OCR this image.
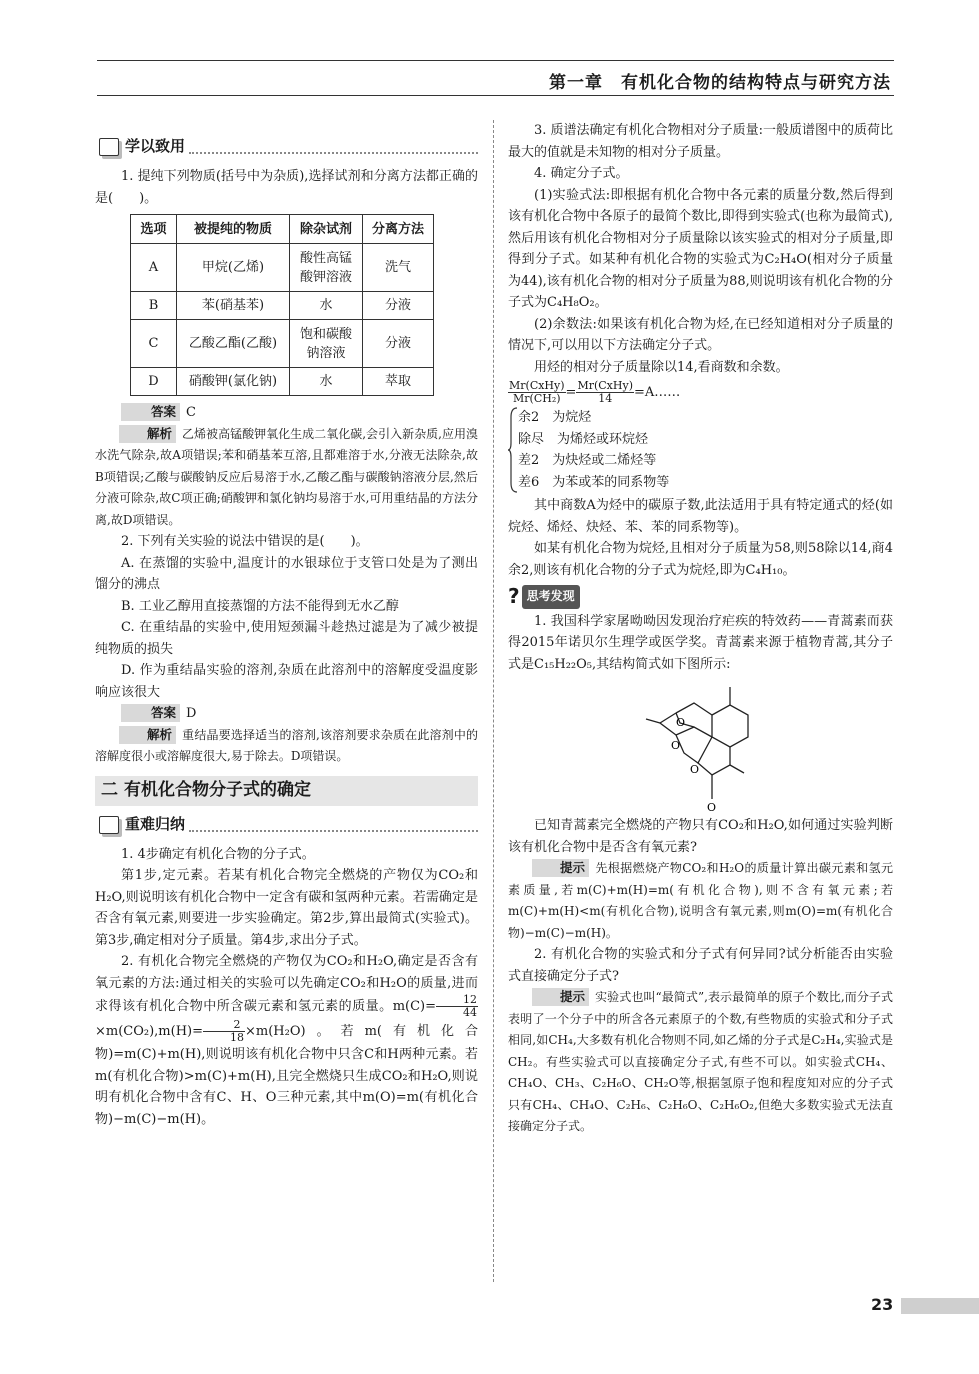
第一章　有机化合物的结构特点与研究方法
学以致用

1. 提纯下列物质(括号中为杂质),选择试剂和分离方法都正确的是(　　)。

选项	被提纯的物质	除杂试剂	分离方法
A	甲烷(乙烯)	酸性高锰酸钾溶液	洗气
B	苯(硝基苯)	水	分液
C	乙酸乙酯(乙酸)	饱和碳酸钠溶液	分液
D	硝酸钾(氯化钠)	水	萃取

答案 C

解析 乙烯被高锰酸钾氧化生成二氧化碳,会引入新杂质,应用溴水洗气除杂,故A项错误;苯和硝基苯互溶,且都难溶于水,分液无法除杂,故B项错误;乙酸与碳酸钠反应后易溶于水,乙酸乙酯与碳酸钠溶液分层,然后分液可除杂,故C项正确;硝酸钾和氯化钠均易溶于水,可用重结晶的方法分离,故D项错误。

2. 下列有关实验的说法中错误的是(　　)。

A. 在蒸馏的实验中,温度计的水银球位于支管口处是为了测出馏分的沸点

B. 工业乙醇用直接蒸馏的方法不能得到无水乙醇

C. 在重结晶的实验中,使用短颈漏斗趁热过滤是为了减少被提纯物质的损失

D. 作为重结晶实验的溶剂,杂质在此溶剂中的溶解度受温度影响应该很大

答案 D

解析 重结晶要选择适当的溶剂,该溶剂要求杂质在此溶剂中的溶解度很小或溶解度很大,易于除去。D项错误。

二 有机化合物分子式的确定
重难归纳

1. 4步确定有机化合物的分子式。

第1步,定元素。若某有机化合物完全燃烧的产物仅为CO₂和H₂O,则说明该有机化合物中一定含有碳和氢两种元素。若需确定是否含有氧元素,则要进一步实验确定。第2步,算出最简式(实验式)。第3步,确定相对分子质量。第4步,求出分子式。

2. 有机化合物完全燃烧的产物仅为CO₂和H₂O,确定是否含有氧元素的方法:通过相关的实验可以先确定CO₂和H₂O的质量,进而求得该有机化合物中所含碳元素和氢元素的质量。$m(C)= \frac{12}{44}$
$\times m(CO_2),m(H)= \frac{2}{18} \times m(H_2O)$。若m(有机化合物)=m(C)+m(H),则说明该有机化合物中只含C和H两种元素。若m(有机化合物)>m(C)+m(H),且完全燃烧只生成CO₂和H₂O,则说明有机化合物中含有C、H、O三种元素,其中m(O)=m(有机化合物)−m(C)−m(H)。

3. 质谱法确定有机化合物相对分子质量:一般质谱图中的质荷比最大的值就是未知物的相对分子质量。

4. 确定分子式。

(1)实验式法:即根据有机化合物中各元素的质量分数,然后得到该有机化合物中各原子的最简个数比,即得到实验式(也称为最简式),然后用该有机化合物相对分子质量除以该实验式的相对分子质量,即得到分子式。如某种有机化合物的实验式为C₂H₄O(相对分子质量为44),该有机化合物的相对分子质量为88,则说明该有机化合物的分子式为C₄H₈O₂。

(2)余数法:如果该有机化合物为烃,在已经知道相对分子质量的情况下,可以用以下方法确定分子式。

用烃的相对分子质量除以14,看商数和余数。

$\frac{\text{Mr(CxHy)}}{\text{Mr(CH₂)}} = \frac{\text{Mr(CxHy)}}{14}$ =A……

余2　为烷烃
除尽　为烯烃或环烷烃
差2　为炔烃或二烯烃等
差6　为苯或苯的同系物等

其中商数A为烃中的碳原子数,此法适用于具有特定通式的烃(如烷烃、烯烃、炔烃、苯、苯的同系物等)。

如某有机化合物为烷烃,且相对分子质量为58,则58除以14,商4余2,则该有机化合物的分子式为烷烃,即为C₄H₁₀。

? 思考发现

1. 我国科学家屠呦呦因发现治疗疟疾的特效药——青蒿素而获得2015年诺贝尔生理学或医学奖。青蒿素来源于植物青蒿,其分子式是C₁₅H₂₂O₅,其结构简式如下图所示:

O
O
O
O

已知青蒿素完全燃烧的产物只有CO₂和H₂O,如何通过实验判断该有机化合物中是否含有氧元素?

提示 先根据燃烧产物CO₂和H₂O的质量计算出碳元素和氢元素质量,若m(C)+m(H)=m(有机化合物),则不含有氧元素;若m(C)+m(H)<m(有机化合物),说明含有氧元素,则m(O)=m(有机化合物)−m(C)−m(H)。

2. 有机化合物的实验式和分子式有何异同?试分析能否由实验式直接确定分子式?

提示 实验式也叫“最简式”,表示最简单的原子个数比,而分子式表明了一个分子中的所含各元素原子的个数,有些物质的实验式和分子式相同,如CH₄,大多数有机化合物则不同,如乙烯的分子式是C₂H₄,实验式是CH₂。有些实验式可以直接确定分子式,有些不可以。如实验式CH₄、CH₄O、CH₃、C₂H₆O、CH₂O等,根据氢原子饱和程度知对应的分子式只有CH₄、CH₄O、C₂H₆、C₂H₆O、C₂H₆O₂,但绝大多数实验式无法直接确定分子式。

23
